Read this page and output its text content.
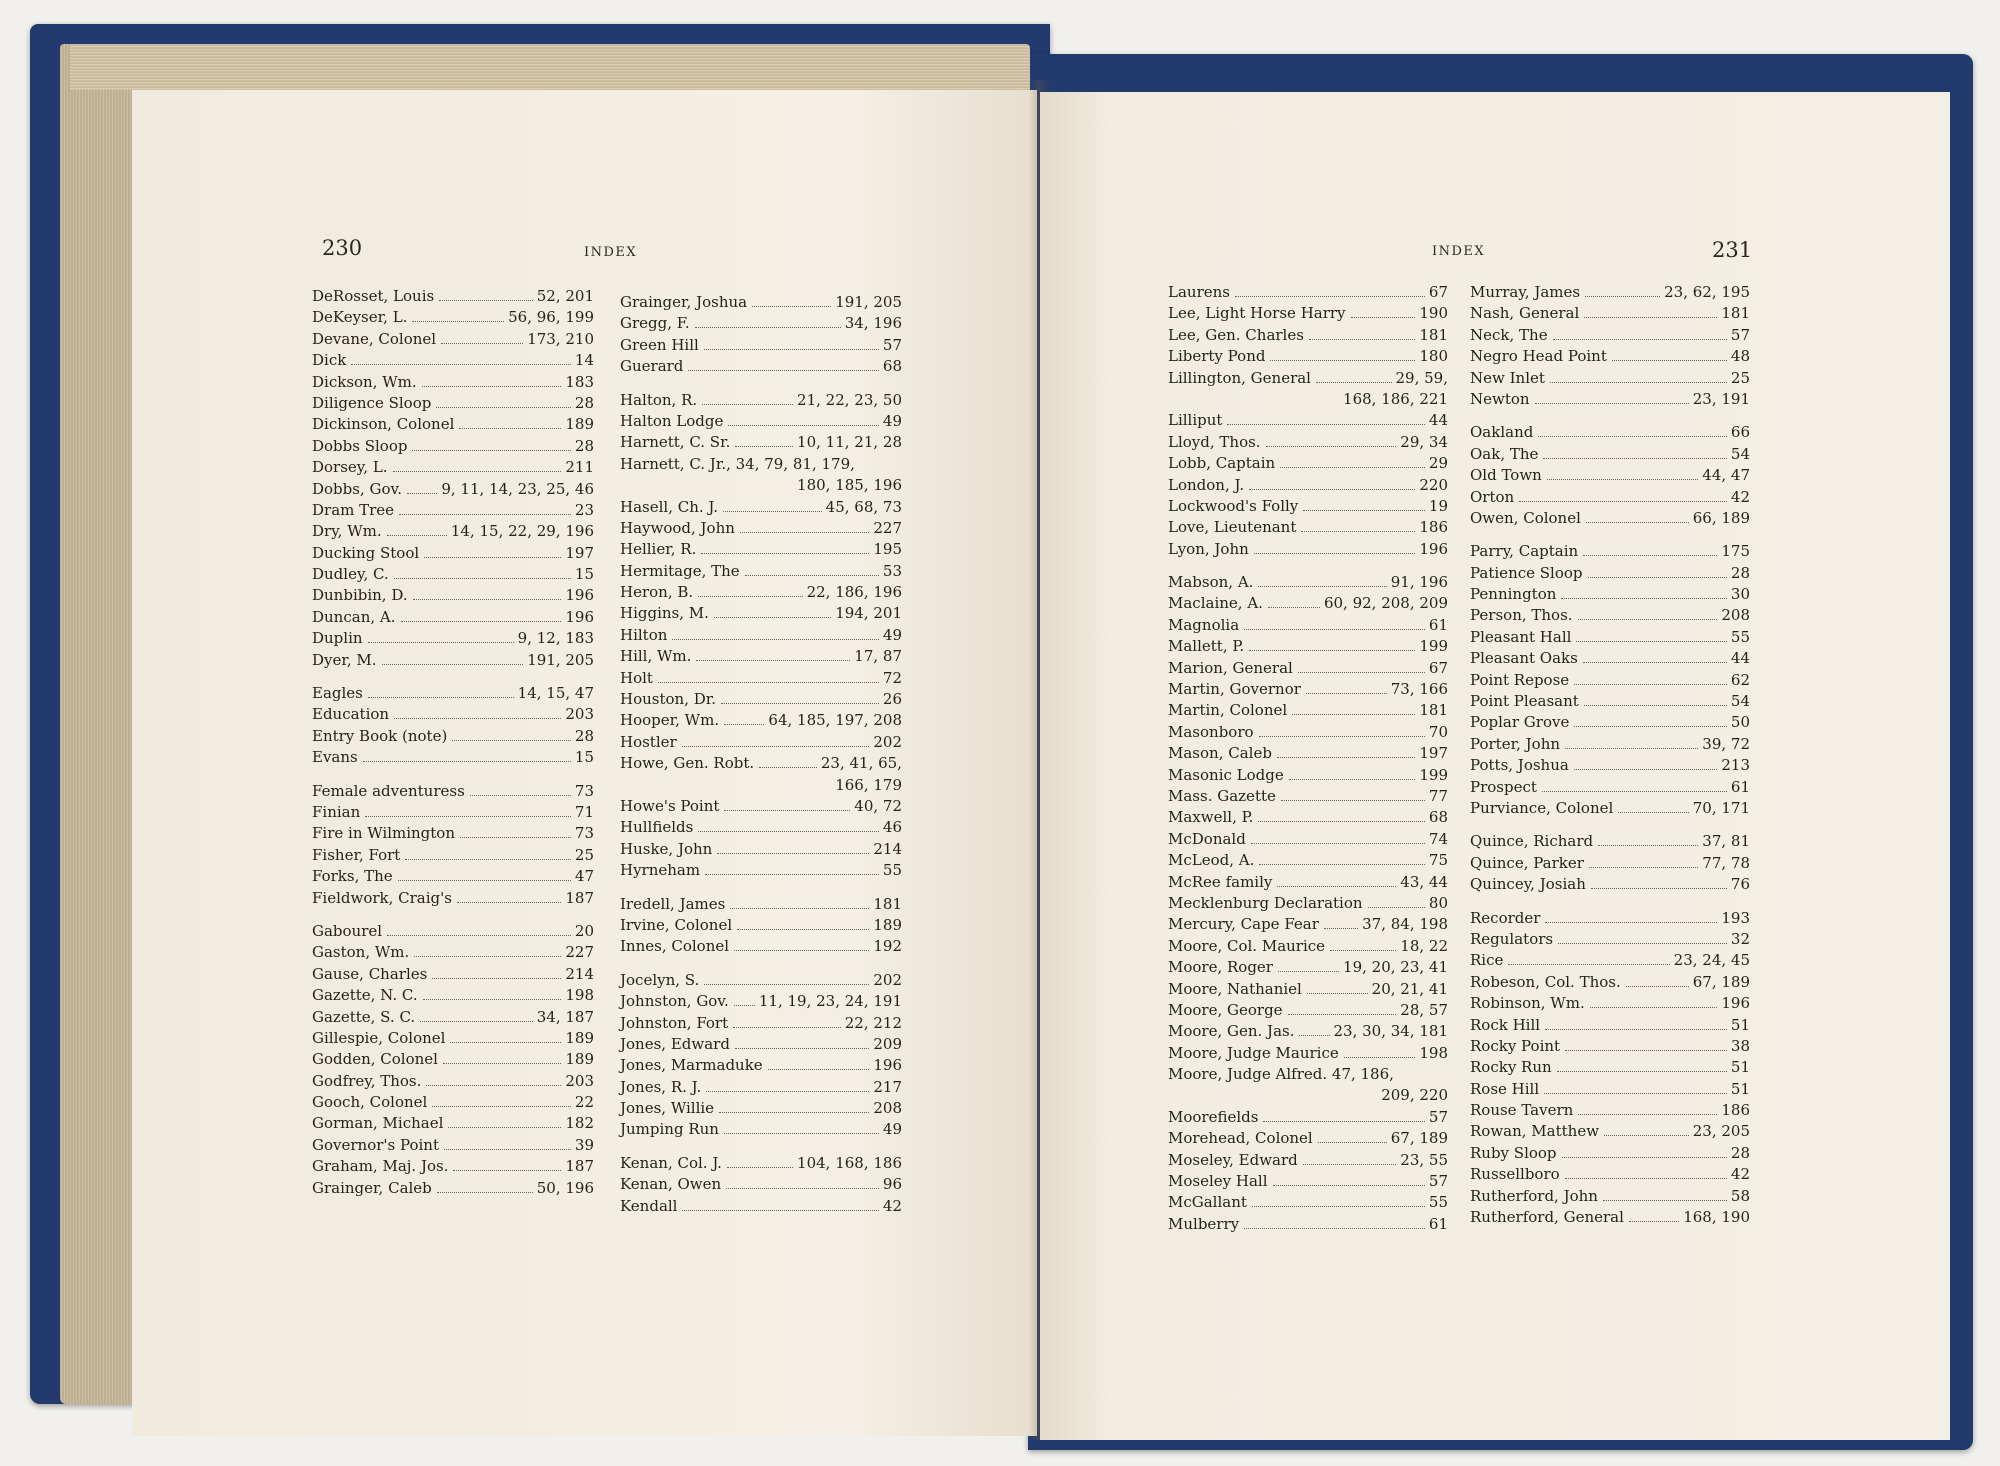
230	INDEX
DeRosset, Louis	52, 201
DeKeyser, L.	56, 96, 199
Devane, Colonel	173, 210
Dick	14
Dickson, Wm.	183
Diligence Sloop	28
Dickinson, Colonel	189
Dobbs Sloop	28
Dorsey, L.	211
Dobbs, Gov.	9, 11, 14, 23, 25, 46
Dram Tree	23
Dry, Wm.	14, 15, 22, 29, 196
Ducking Stool	197
Dudley, C.	15
Dunbibin, D.	196
Duncan, A.	196
Duplin	9, 12, 183
Dyer, M.	191, 205
Eagles	14, 15, 47
Education	203
Entry Book (note)	28
Evans	15
Female adventuress	73
Finian	71
Fire in Wilmington	73
Fisher, Fort	25
Forks, The	47
Fieldwork, Craig's	187
Gabourel	20
Gaston, Wm.	227
Gause, Charles	214
Gazette, N. C.	198
Gazette, S. C.	34, 187
Gillespie, Colonel	189
Godden, Colonel	189
Godfrey, Thos.	203
Gooch, Colonel	22
Gorman, Michael	182
Governor's Point	39
Graham, Maj. Jos.	187
Grainger, Caleb	50, 196
Grainger, Joshua	191, 205
Gregg, F.	34, 196
Green Hill	57
Guerard	68
Halton, R.	21, 22, 23, 50
Halton Lodge	49
Harnett, C. Sr.	10, 11, 21, 28
Harnett, C. Jr., 34, 79, 81, 179,
180, 185, 196
Hasell, Ch. J.	45, 68, 73
Haywood, John	227
Hellier, R.	195
Hermitage, The	53
Heron, B.	22, 186, 196
Higgins, M.	194, 201
Hilton	49
Hill, Wm.	17, 87
Holt	72
Houston, Dr.	26
Hooper, Wm.	64, 185, 197, 208
Hostler	202
Howe, Gen. Robt.	23, 41, 65,
166, 179
Howe's Point	40, 72
Hullfields	46
Huske, John	214
Hyrneham	55
Iredell, James	181
Irvine, Colonel	189
Innes, Colonel	192
Jocelyn, S.	202
Johnston, Gov. 11, 19, 23, 24, 191
Johnston, Fort	22, 212
Jones, Edward	209
Jones, Marmaduke	196
Jones, R. J.	217
Jones, Willie	208
Jumping Run	49
Kenan, Col. J.	104, 168, 186
Kenan, Owen	96
Kendall	42
INDEX	231
Laurens	67
Lee, Light Horse Harry	190
Lee, Gen. Charles	181
Liberty Pond	180
Lillington, General	29, 59,
168, 186, 221
Lilliput	44
Lloyd, Thos.	29, 34
Lobb, Captain	29
London, J.	220
Lockwood's Folly	19
Love, Lieutenant	186
Lyon, John	196
Mabson, A.	91, 196
Maclaine, A.	60, 92, 208, 209
Magnolia	61
Mallett, P.	199
Marion, General	67
Martin, Governor	73, 166
Martin, Colonel	181
Masonboro	70
Mason, Caleb	197
Masonic Lodge	199
Mass. Gazette	77
Maxwell, P.	68
McDonald	74
McLeod, A.	75
McRee family	43, 44
Mecklenburg Declaration	80
Mercury, Cape Fear	37, 84, 198
Moore, Col. Maurice	18, 22
Moore, Roger	19, 20, 23, 41
Moore, Nathaniel	20, 21, 41
Moore, George	28, 57
Moore, Gen. Jas.	23, 30, 34, 181
Moore, Judge Maurice	198
Moore, Judge Alfred. 47, 186,
209, 220
Moorefields	57
Morehead, Colonel	67, 189
Moseley, Edward	23, 55
Moseley Hall	57
McGallant	55
Mulberry	61
Murray, James	23, 62, 195
Nash, General	181
Neck, The	57
Negro Head Point	48
New Inlet	25
Newton	23, 191
Oakland	66
Oak, The	54
Old Town	44, 47
Orton	42
Owen, Colonel	66, 189
Parry, Captain	175
Patience Sloop	28
Pennington	30
Person, Thos.	208
Pleasant Hall	55
Pleasant Oaks	44
Point Repose	62
Point Pleasant	54
Poplar Grove	50
Porter, John	39, 72
Potts, Joshua	213
Prospect	61
Purviance, Colonel	70, 171
Quince, Richard	37, 81
Quince, Parker	77, 78
Quincey, Josiah	76
Recorder	193
Regulators	32
Rice	23, 24, 45
Robeson, Col. Thos.	67, 189
Robinson, Wm.	196
Rock Hill	51
Rocky Point	38
Rocky Run	51
Rose Hill	51
Rouse Tavern	186
Rowan, Matthew	23, 205
Ruby Sloop	28
Russellboro	42
Rutherford, John	58
Rutherford, General	168, 190
